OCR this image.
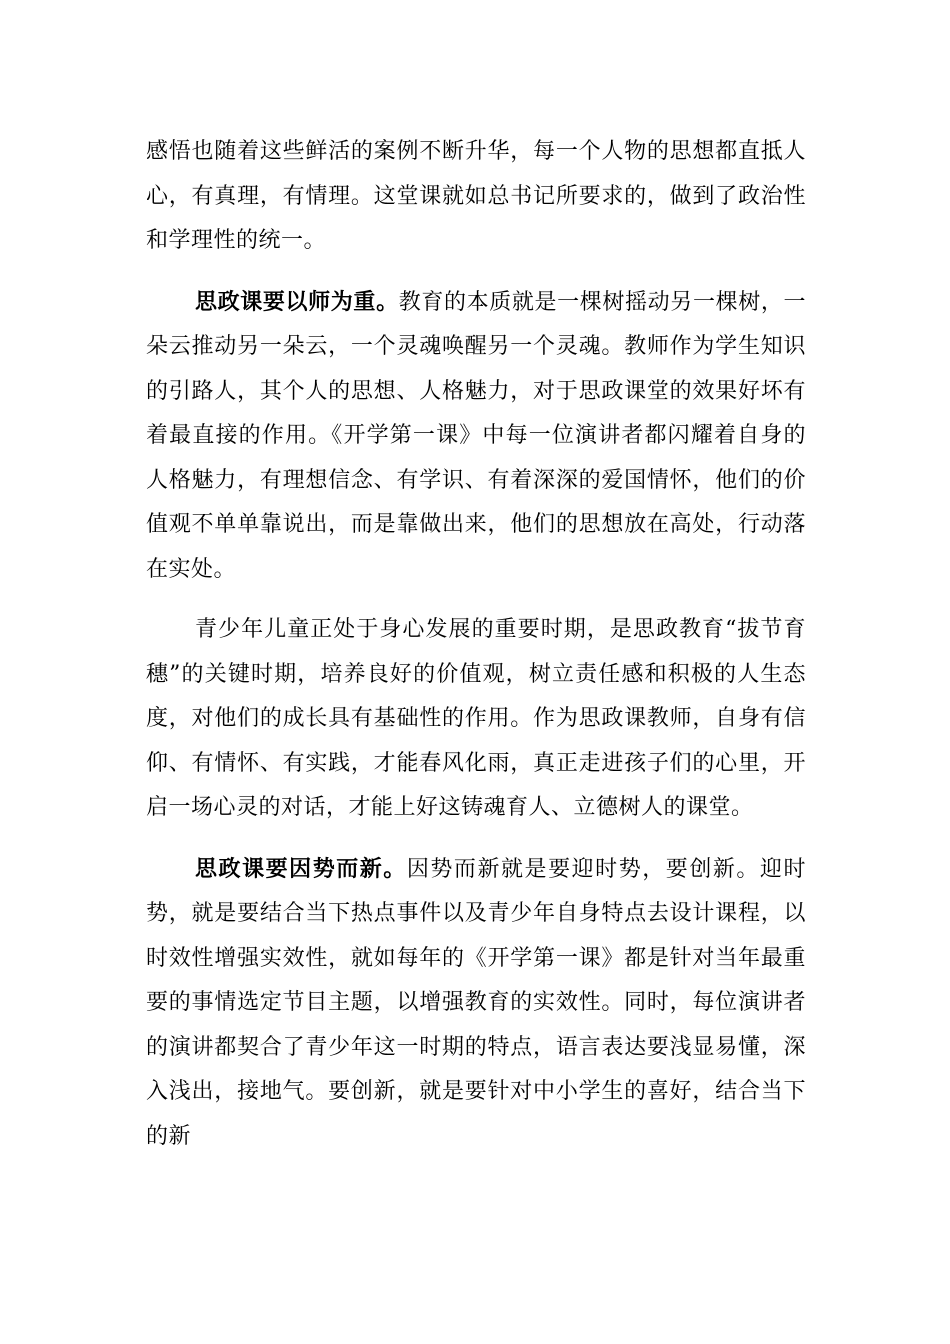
感悟也随着这些鲜活的案例不断升华，每一个人物的思想都直抵人心，有真理，有情理。这堂课就如总书记所要求的，做到了政治性和学理性的统一。

思政课要以师为重。教育的本质就是一棵树摇动另一棵树，一朵云推动另一朵云，一个灵魂唤醒另一个灵魂。教师作为学生知识的引路人，其个人的思想、人格魅力，对于思政课堂的效果好坏有着最直接的作用。《开学第一课》中每一位演讲者都闪耀着自身的人格魅力，有理想信念、有学识、有着深深的爱国情怀，他们的价值观不单单靠说出，而是靠做出来，他们的思想放在高处，行动落在实处。

青少年儿童正处于身心发展的重要时期，是思政教育“拔节育穗”的关键时期，培养良好的价值观，树立责任感和积极的人生态度，对他们的成长具有基础性的作用。作为思政课教师，自身有信仰、有情怀、有实践，才能春风化雨，真正走进孩子们的心里，开启一场心灵的对话，才能上好这铸魂育人、立德树人的课堂。

思政课要因势而新。因势而新就是要迎时势，要创新。迎时势，就是要结合当下热点事件以及青少年自身特点去设计课程，以时效性增强实效性，就如每年的《开学第一课》都是针对当年最重要的事情选定节目主题，以增强教育的实效性。同时，每位演讲者的演讲都契合了青少年这一时期的特点，语言表达要浅显易懂，深入浅出，接地气。要创新，就是要针对中小学生的喜好，结合当下的新
